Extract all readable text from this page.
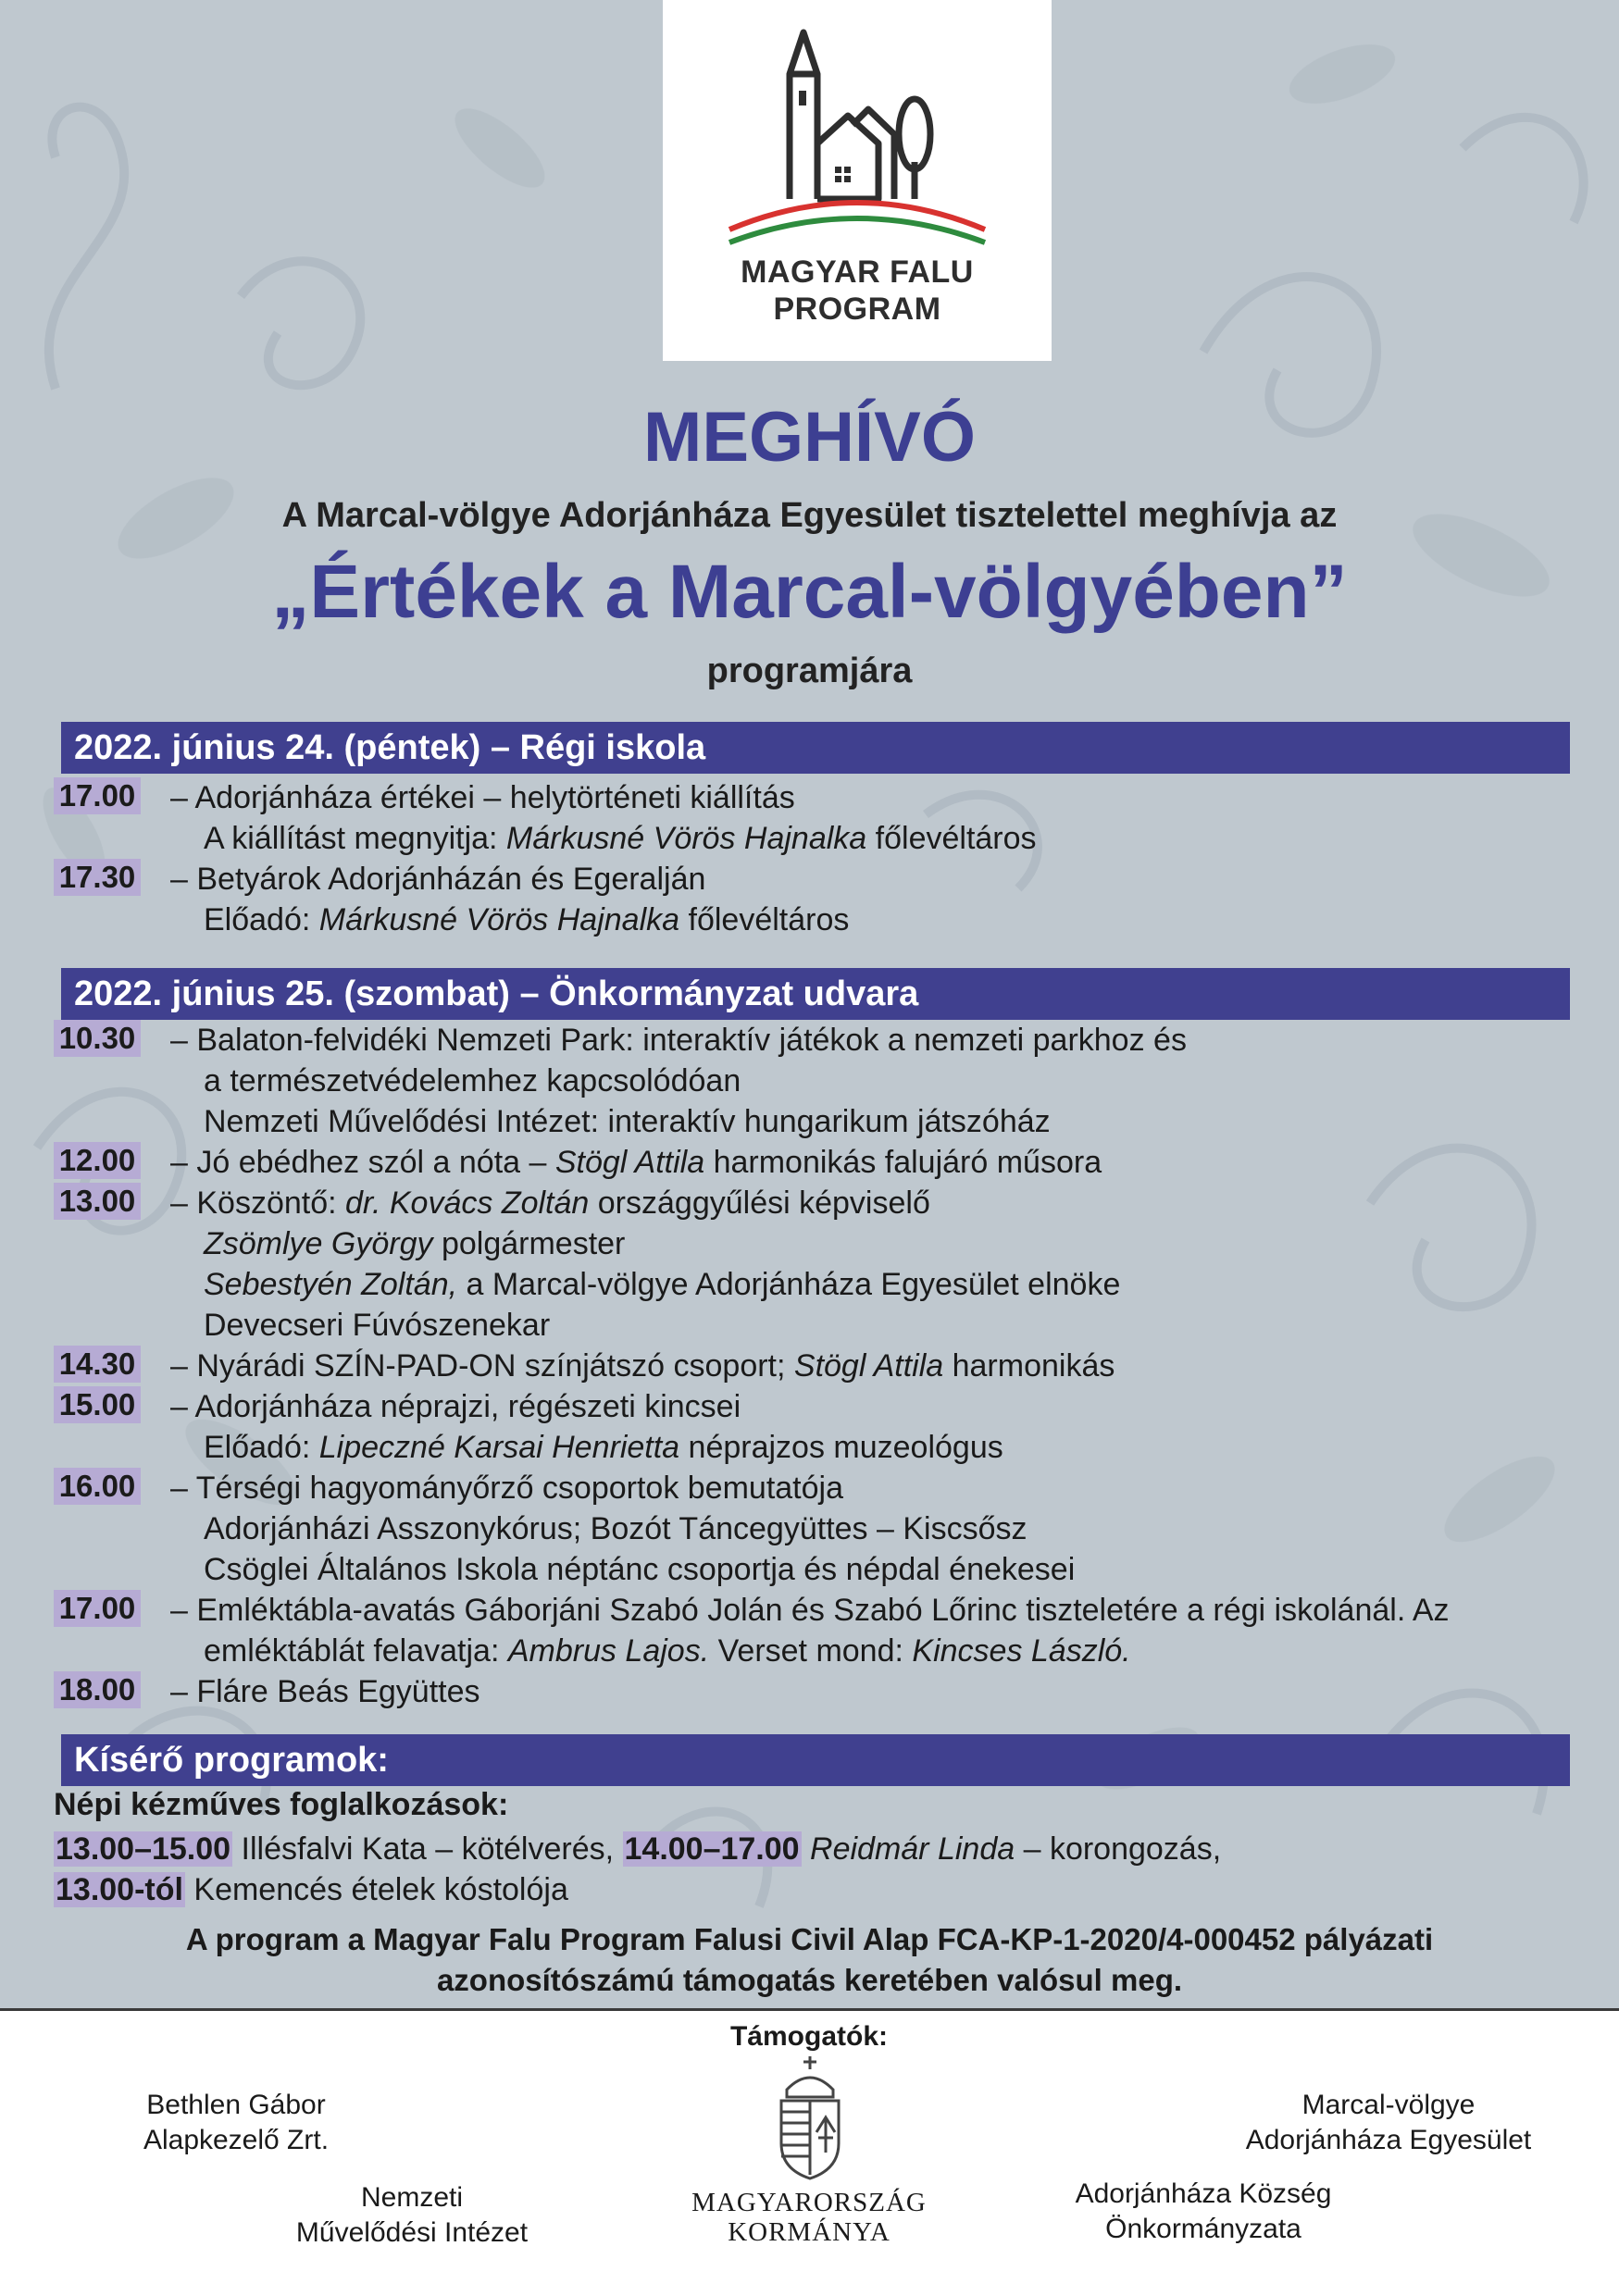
MAGYAR FALU
PROGRAM
MEGHÍVÓ
A Marcal-völgye Adorjánháza Egyesület tisztelettel meghívja az
„Értékek a Marcal-völgyében”
programjára
2022. június 24. (péntek) – Régi iskola
17.00 – Adorjánháza értékei – helytörténeti kiállítás
A kiállítást megnyitja: Márkusné Vörös Hajnalka főlevéltáros
17.30 – Betyárok Adorjánházán és Egeralján
Előadó: Márkusné Vörös Hajnalka főlevéltáros
2022. június 25. (szombat) – Önkormányzat udvara
10.30 – Balaton-felvidéki Nemzeti Park: interaktív játékok a nemzeti parkhoz és
a természetvédelemhez kapcsolódóan
Nemzeti Művelődési Intézet: interaktív hungarikum játszóház
12.00 – Jó ebédhez szól a nóta – Stögl Attila harmonikás falujáró műsora
13.00 – Köszöntő: dr. Kovács Zoltán országgyűlési képviselő
Zsömlye György polgármester
Sebestyén Zoltán, a Marcal-völgye Adorjánháza Egyesület elnöke
Devecseri Fúvószenekar
14.30 – Nyárádi SZÍN-PAD-ON színjátszó csoport; Stögl Attila harmonikás
15.00 – Adorjánháza néprajzi, régészeti kincsei
Előadó: Lipeczné Karsai Henrietta néprajzos muzeológus
16.00 – Térségi hagyományőrző csoportok bemutatója
Adorjánházi Asszonykórus; Bozót Táncegyüttes – Kiscsősz
Csöglei Általános Iskola néptánc csoportja és népdal énekesei
17.00 – Emléktábla-avatás Gáborjáni Szabó Jolán és Szabó Lőrinc tiszteletére a régi iskolánál. Az
emléktáblát felavatja: Ambrus Lajos. Verset mond: Kincses László.
18.00 – Fláre Beás Együttes
Kísérő programok:
Népi kézműves foglalkozások:
13.00–15.00 Illésfalvi Kata – kötélverés, 14.00–17.00 Reidmár Linda – korongozás,
13.00-tól Kemencés ételek kóstolója
A program a Magyar Falu Program Falusi Civil Alap FCA-KP-1-2020/4-000452 pályázati
azonosítószámú támogatás keretében valósul meg.
Támogatók:
Bethlen Gábor
Alapkezelő Zrt.
Nemzeti
Művelődési Intézet
MAGYARORSZÁG
KORMÁNYA
Marcal-völgye
Adorjánháza Egyesület
Adorjánháza Község
Önkormányzata
